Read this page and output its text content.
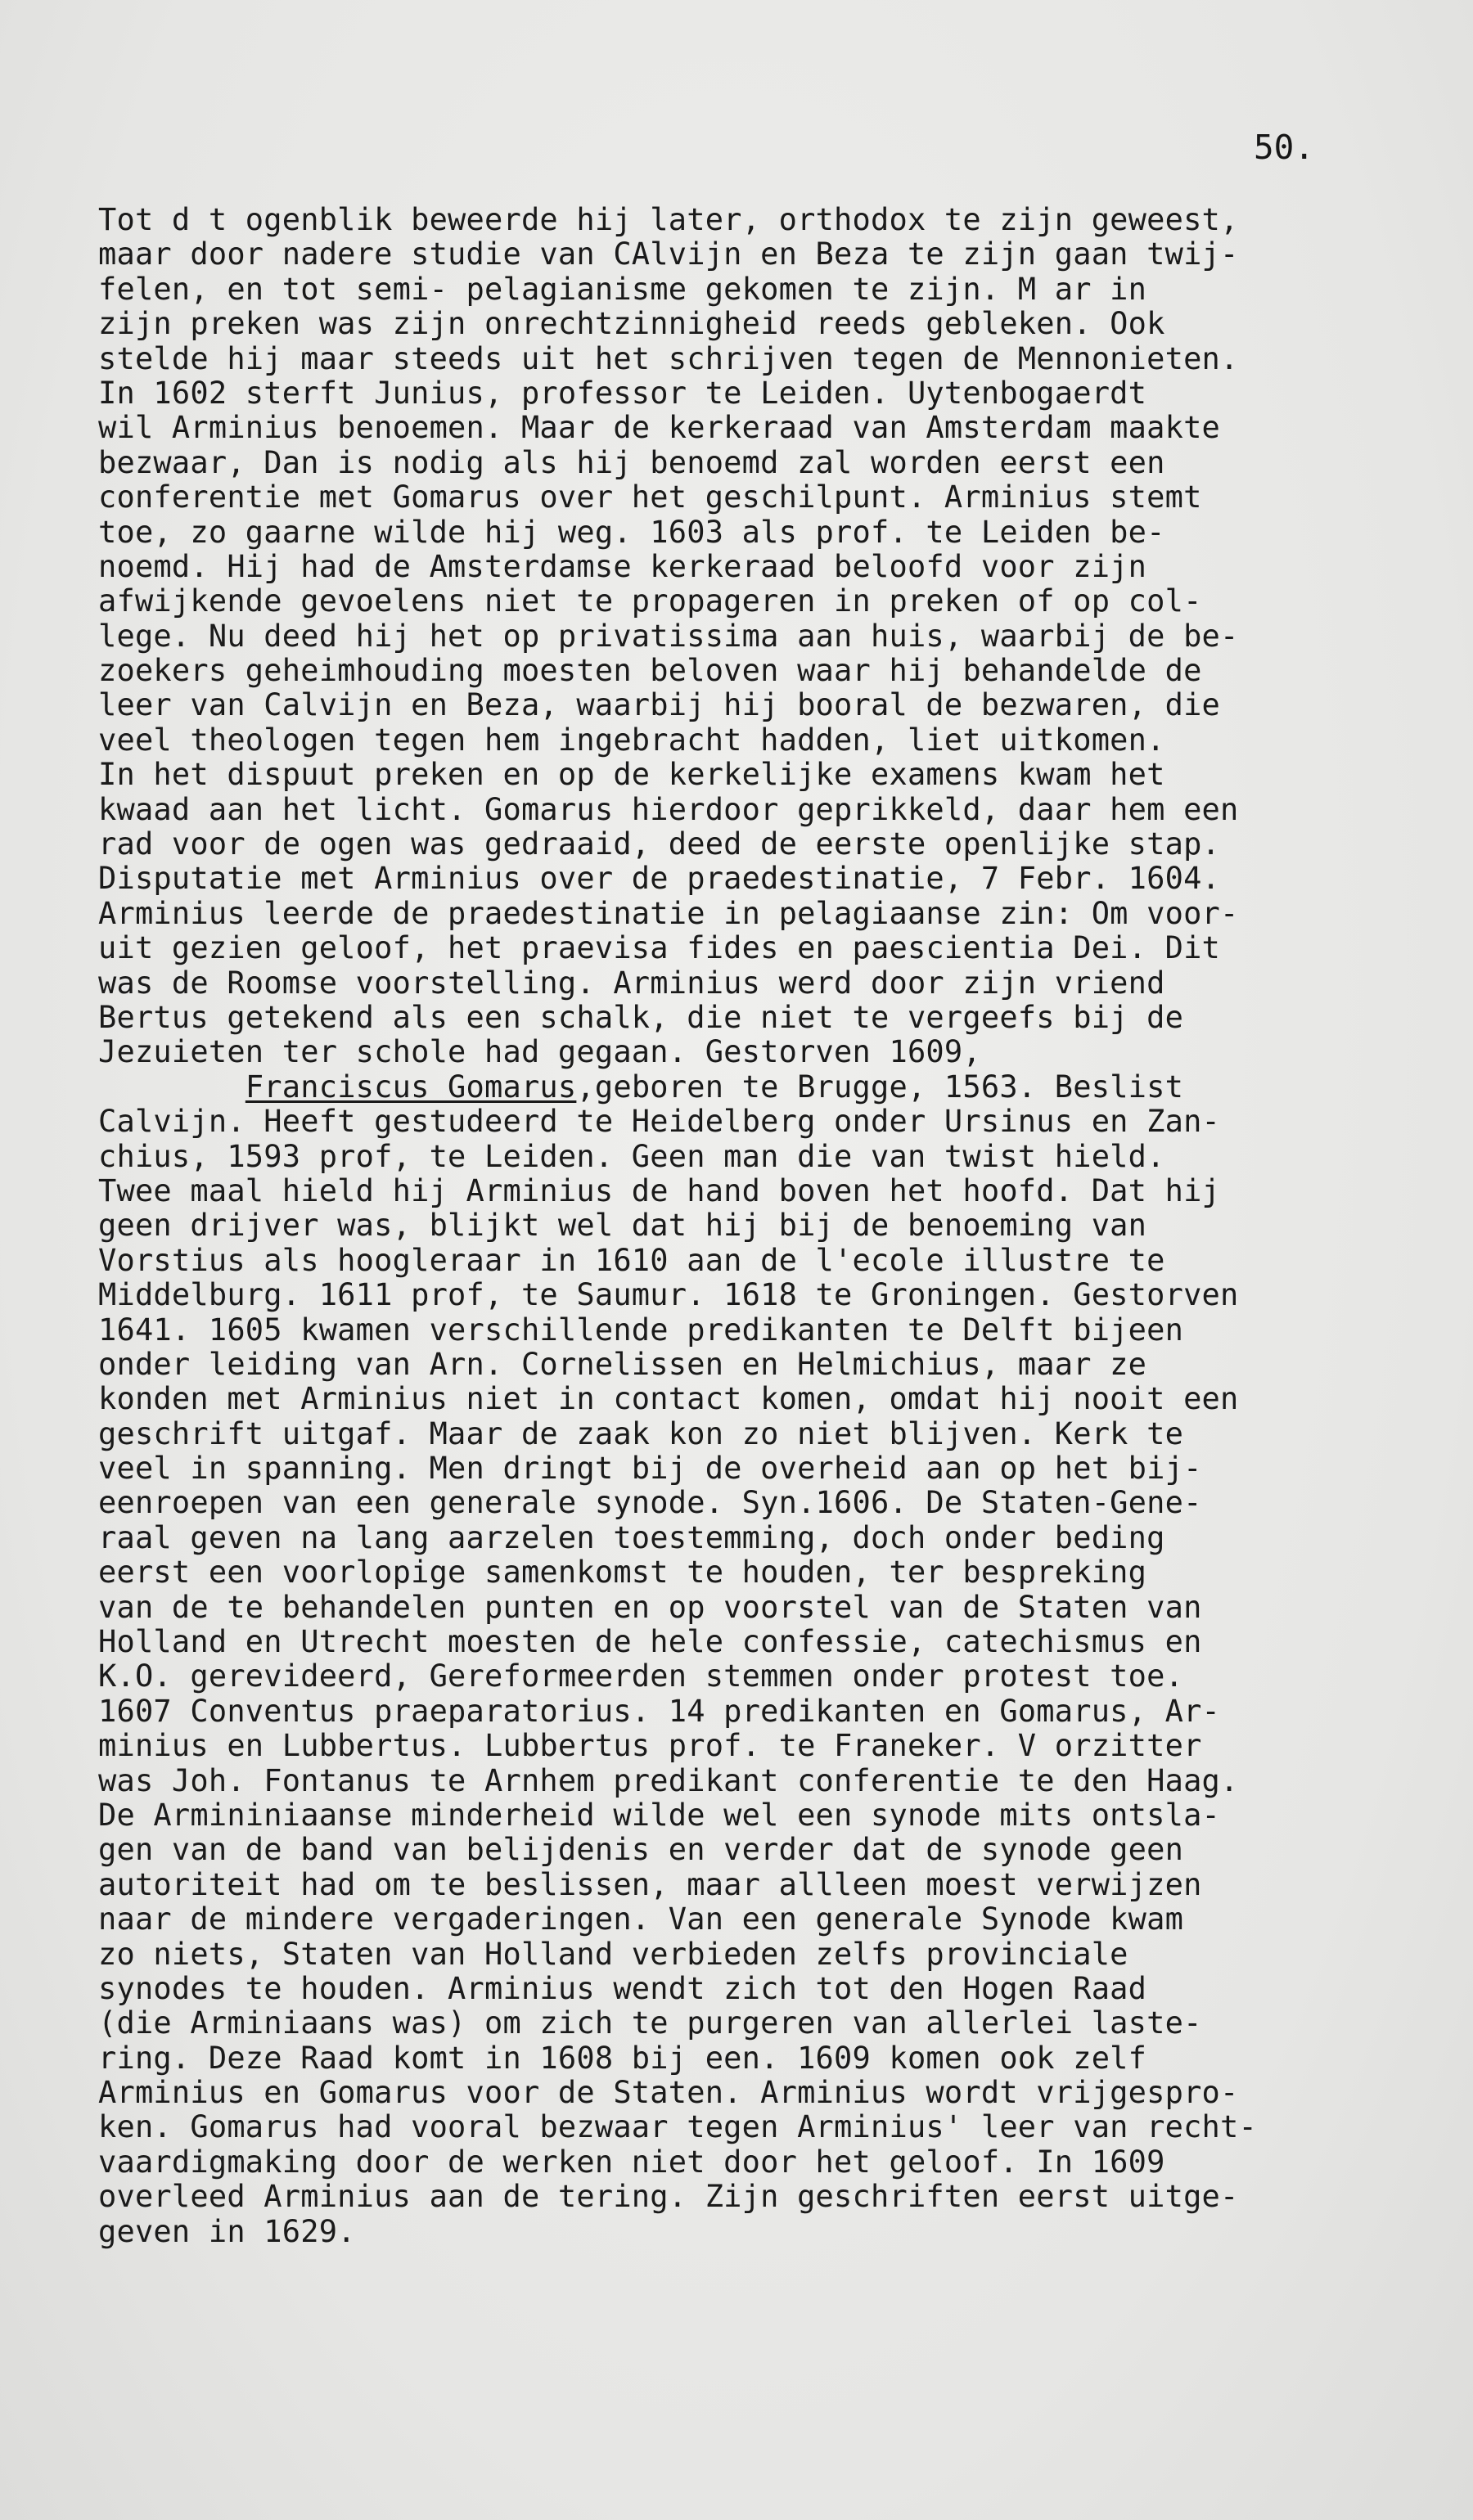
50.
Tot d t ogenblik beweerde hij later, orthodox te zijn geweest,
maar door nadere studie van CAlvijn en Beza te zijn gaan twij-
felen, en tot semi- pelagianisme gekomen te zijn. M ar in
zijn preken was zijn onrechtzinnigheid reeds gebleken. Ook
stelde hij maar steeds uit het schrijven tegen de Mennonieten.
In 1602 sterft Junius, professor te Leiden. Uytenbogaerdt
wil Arminius benoemen. Maar de kerkeraad van Amsterdam maakte
bezwaar, Dan is nodig als hij benoemd zal worden eerst een
conferentie met Gomarus over het geschilpunt. Arminius stemt
toe, zo gaarne wilde hij weg. 1603 als prof. te Leiden be-
noemd. Hij had de Amsterdamse kerkeraad beloofd voor zijn
afwijkende gevoelens niet te propageren in preken of op col-
lege. Nu deed hij het op privatissima aan huis, waarbij de be-
zoekers geheimhouding moesten beloven waar hij behandelde de
leer van Calvijn en Beza, waarbij hij booral de bezwaren, die
veel theologen tegen hem ingebracht hadden, liet uitkomen.
In het dispuut preken en op de kerkelijke examens kwam het
kwaad aan het licht. Gomarus hierdoor geprikkeld, daar hem een
rad voor de ogen was gedraaid, deed de eerste openlijke stap.
Disputatie met Arminius over de praedestinatie, 7 Febr. 1604.
Arminius leerde de praedestinatie in pelagiaanse zin: Om voor-
uit gezien geloof, het praevisa fides en paescientia Dei. Dit
was de Roomse voorstelling. Arminius werd door zijn vriend
Bertus getekend als een schalk, die niet te vergeefs bij de
Jezuieten ter schole had gegaan. Gestorven 1609,
Franciscus Gomarus,geboren te Brugge, 1563. Beslist
Calvijn. Heeft gestudeerd te Heidelberg onder Ursinus en Zan-
chius, 1593 prof, te Leiden. Geen man die van twist hield.
Twee maal hield hij Arminius de hand boven het hoofd. Dat hij
geen drijver was, blijkt wel dat hij bij de benoeming van
Vorstius als hoogleraar in 1610 aan de l'ecole illustre te
Middelburg. 1611 prof, te Saumur. 1618 te Groningen. Gestorven
1641. 1605 kwamen verschillende predikanten te Delft bijeen
onder leiding van Arn. Cornelissen en Helmichius, maar ze
konden met Arminius niet in contact komen, omdat hij nooit een
geschrift uitgaf. Maar de zaak kon zo niet blijven. Kerk te
veel in spanning. Men dringt bij de overheid aan op het bij-
eenroepen van een generale synode. Syn.1606. De Staten-Gene-
raal geven na lang aarzelen toestemming, doch onder beding
eerst een voorlopige samenkomst te houden, ter bespreking
van de te behandelen punten en op voorstel van de Staten van
Holland en Utrecht moesten de hele confessie, catechismus en
K.O. gerevideerd, Gereformeerden stemmen onder protest toe.
1607 Conventus praeparatorius. 14 predikanten en Gomarus, Ar-
minius en Lubbertus. Lubbertus prof. te Franeker. V orzitter
was Joh. Fontanus te Arnhem predikant conferentie te den Haag.
De Armininiaanse minderheid wilde wel een synode mits ontsla-
gen van de band van belijdenis en verder dat de synode geen
autoriteit had om te beslissen, maar allleen moest verwijzen
naar de mindere vergaderingen. Van een generale Synode kwam
zo niets, Staten van Holland verbieden zelfs provinciale
synodes te houden. Arminius wendt zich tot den Hogen Raad
(die Arminiaans was) om zich te purgeren van allerlei laste-
ring. Deze Raad komt in 1608 bij een. 1609 komen ook zelf
Arminius en Gomarus voor de Staten. Arminius wordt vrijgespro-
ken. Gomarus had vooral bezwaar tegen Arminius' leer van recht-
vaardigmaking door de werken niet door het geloof. In 1609
overleed Arminius aan de tering. Zijn geschriften eerst uitge-
geven in 1629.
